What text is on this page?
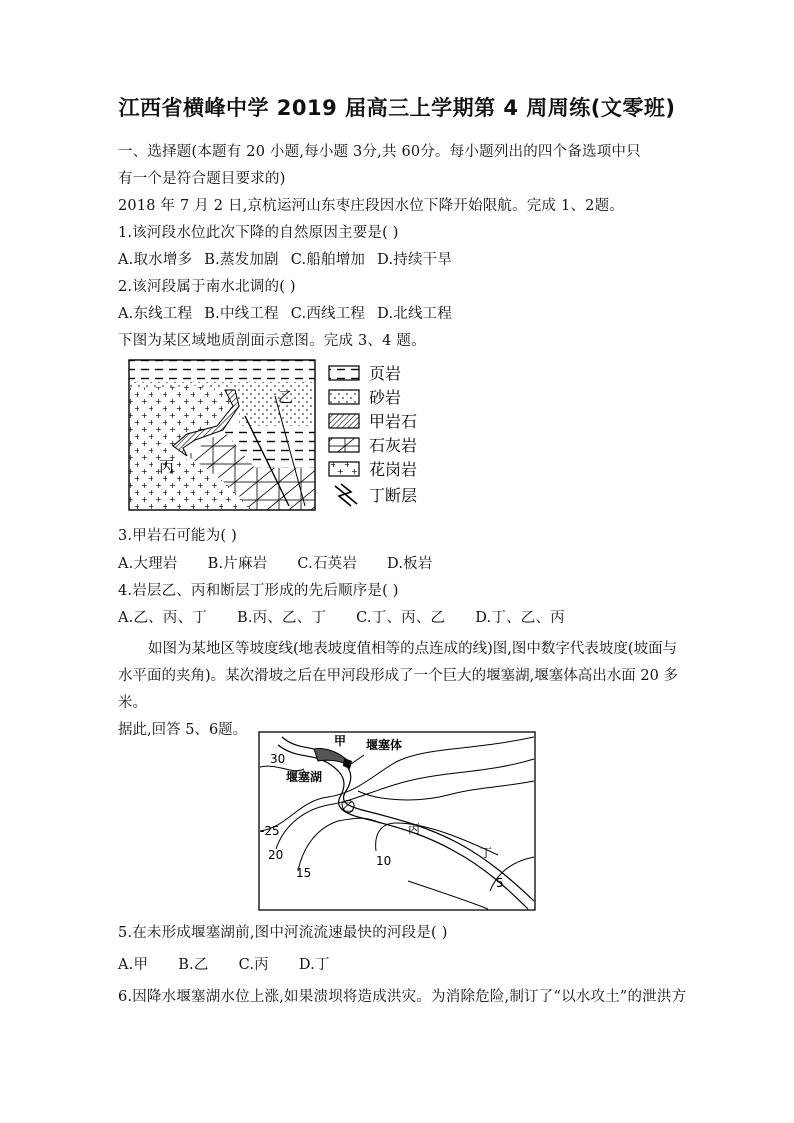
江西省横峰中学 2019 届高三上学期第 4 周周练(文零班)
一、选择题(本题有 20 小题,每小题 3分,共 60分。每小题列出的四个备选项中只
有一个是符合题目要求的)
2018 年 7 月 2 日,京杭运河山东枣庄段因水位下降开始限航。完成 1、2题。
1.该河段水位此次下降的自然原因主要是( )
A.取水增多 B.蒸发加剧 C.船舶增加 D.持续干旱
2.该河段属于南水北调的( )
A.东线工程 B.中线工程 C.西线工程 D.北线工程
下图为某区域地质剖面示意图。完成 3、4 题。
乙
丙
页岩
砂岩
甲岩石
石灰岩
花岗岩
丁断层
3.甲岩石可能为( )
A.大理岩 B.片麻岩 C.石英岩 D.板岩
4.岩层乙、丙和断层丁形成的先后顺序是( )
A.乙、丙、丁 B.丙、乙、丁 C.丁、丙、乙 D.丁、乙、丙
如图为某地区等坡度线(地表坡度值相等的点连成的线)图,图中数字代表坡度(坡面与
水平面的夹角)。某次滑坡之后在甲河段形成了一个巨大的堰塞湖,堰塞体高出水面 20 多米。
据此,回答 5、6题。
甲 堰塞体
堰塞湖
乙
丙
丁
30
-25
20
15
10
5
5.在未形成堰塞湖前,图中河流流速最快的河段是( )
A.甲 B.乙 C.丙 D.丁
6.因降水堰塞湖水位上涨,如果溃坝将造成洪灾。为消除危险,制订了“以水攻土”的泄洪方
